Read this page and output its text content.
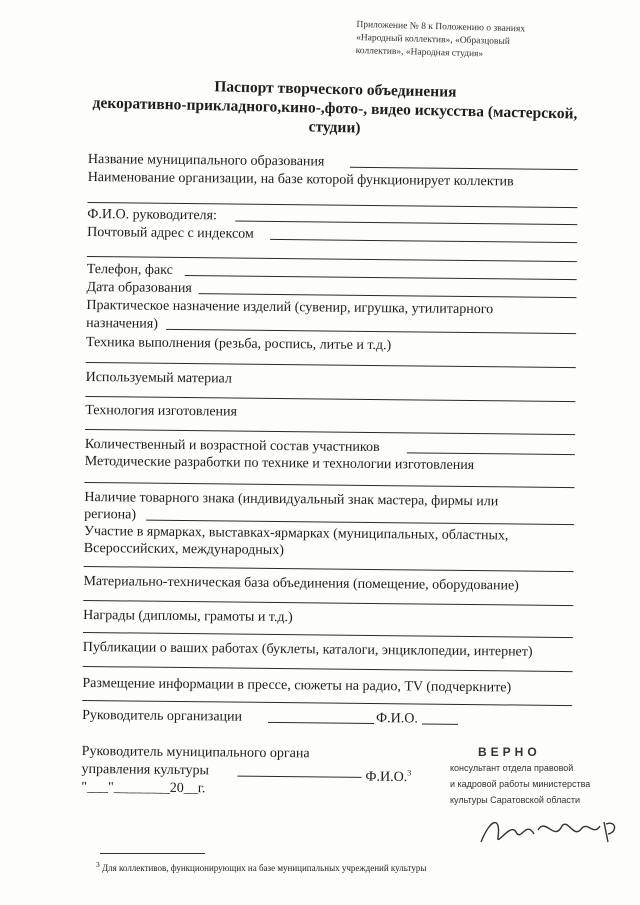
Приложение № 8 к Положению о званиях
«Народный коллектив», «Образцовый
коллектив», «Народная студия»
Паспорт творческого объединения
декоративно-прикладного,кино-,фото-, видео искусства (мастерской,
студии)
Название муниципального образования
Наименование организации, на базе которой функционирует коллектив
Ф.И.О. руководителя:
Почтовый адрес с индексом
Телефон, факс
Дата образования
Практическое назначение изделий (сувенир, игрушка, утилитарного
назначения)
Техника выполнения (резьба, роспись, литье и т.д.)
Используемый материал
Технология изготовления
Количественный и возрастной состав участников
Методические разработки по технике и технологии изготовления
Наличие товарного знака (индивидуальный знак мастера, фирмы или
региона)
Участие в ярмарках, выставках-ярмарках (муниципальных, областных,
Всероссийских, международных)
Материально-техническая база объединения (помещение, оборудование)
Награды (дипломы, грамоты и т.д.)
Публикации о ваших работах (буклеты, каталоги, энциклопедии, интернет)
Размещение информации в прессе, сюжеты на радио, TV (подчеркните)
Руководитель организации	Ф.И.О.
Руководитель муниципального органа
управления культуры	Ф.И.О.$^3$
"___"________20__г.
ВЕРНО
консультант отдела правовой
и кадровой работы министерства
культуры Саратовской области
$^3$ Для коллективов, функционирующих на базе муниципальных учреждений культуры
